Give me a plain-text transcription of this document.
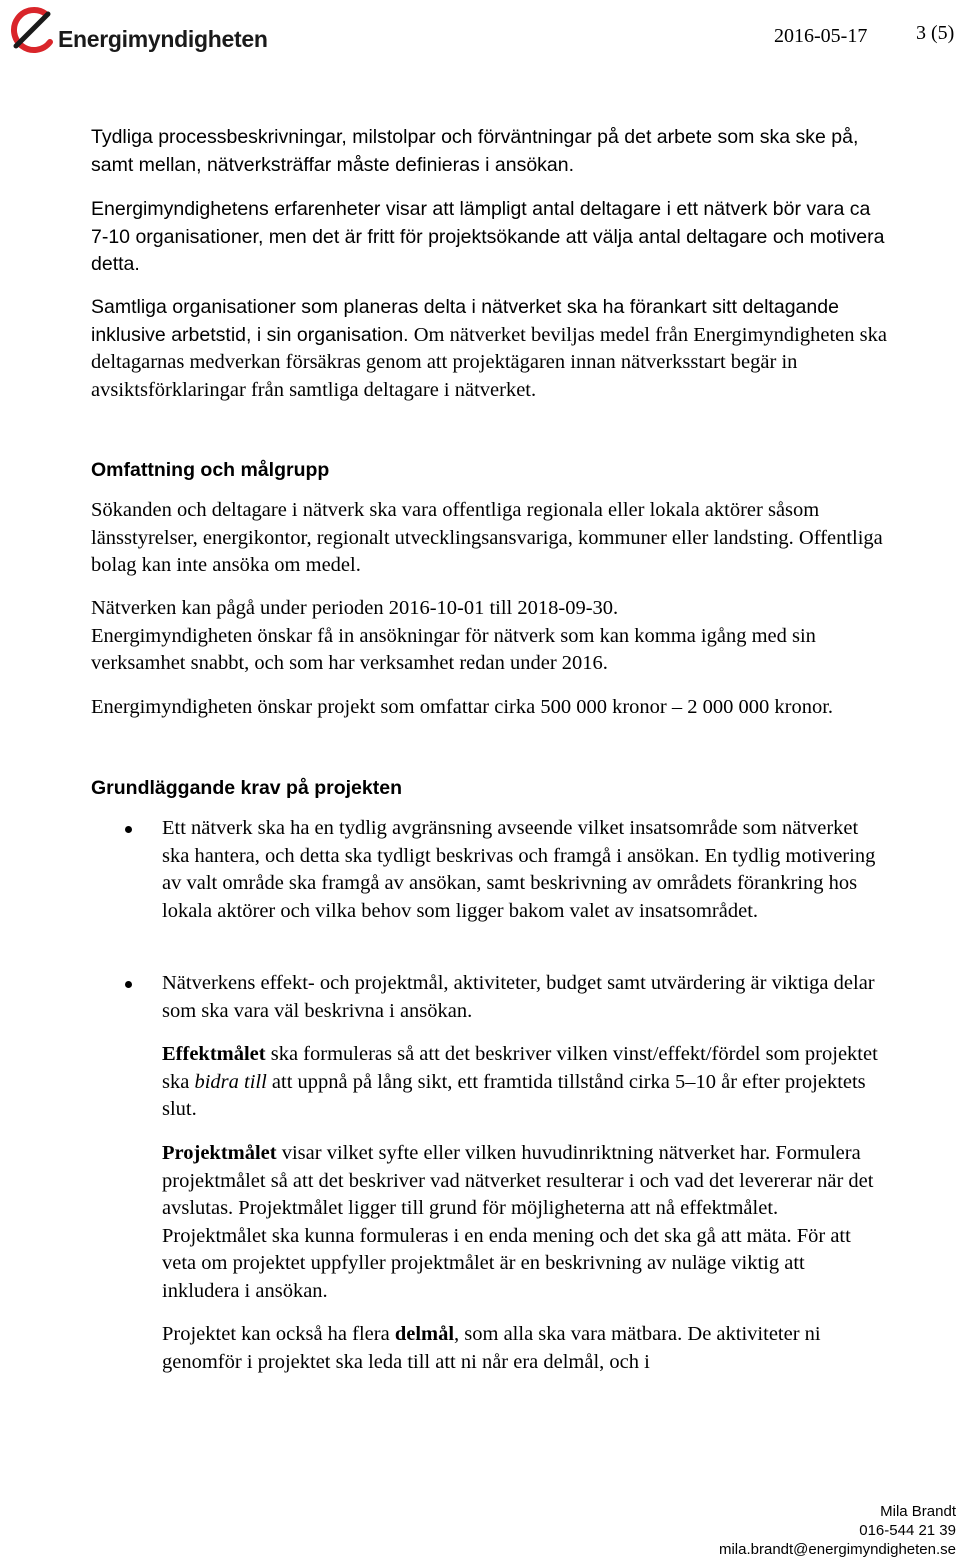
Energimyndigheten	2016-05-17 3 (5)

Tydliga processbeskrivningar, milstolpar och förväntningar på det arbete som ska ske på, samt mellan, nätverksträffar måste definieras i ansökan.

Energimyndighetens erfarenheter visar att lämpligt antal deltagare i ett nätverk bör vara ca 7-10 organisationer, men det är fritt för projektsökande att välja antal deltagare och motivera detta.

Samtliga organisationer som planeras delta i nätverket ska ha förankart sitt deltagande inklusive arbetstid, i sin organisation. Om nätverket beviljas medel från Energimyndigheten ska deltagarnas medverkan försäkras genom att projektägaren innan nätverksstart begär in avsiktsförklaringar från samtliga deltagare i nätverket.

Omfattning och målgrupp

Sökanden och deltagare i nätverk ska vara offentliga regionala eller lokala aktörer såsom länsstyrelser, energikontor, regionalt utvecklingsansvariga, kommuner eller landsting. Offentliga bolag kan inte ansöka om medel.

Nätverken kan pågå under perioden 2016-10-01 till 2018-09-30.

Energimyndigheten önskar få in ansökningar för nätverk som kan komma igång med sin verksamhet snabbt, och som har verksamhet redan under 2016.

Energimyndigheten önskar projekt som omfattar cirka 500 000 kronor – 2 000 000 kronor.

Grundläggande krav på projekten

Ett nätverk ska ha en tydlig avgränsning avseende vilket insatsområde som nätverket ska hantera, och detta ska tydligt beskrivas och framgå i ansökan. En tydlig motivering av valt område ska framgå av ansökan, samt beskrivning av områdets förankring hos lokala aktörer och vilka behov som ligger bakom valet av insatsområdet.

Nätverkens effekt- och projektmål, aktiviteter, budget samt utvärdering är viktiga delar som ska vara väl beskrivna i ansökan.

Effektmålet ska formuleras så att det beskriver vilken vinst/effekt/fördel som projektet ska bidra till att uppnå på lång sikt, ett framtida tillstånd cirka 5–10 år efter projektets slut.

Projektmålet visar vilket syfte eller vilken huvudinriktning nätverket har. Formulera projektmålet så att det beskriver vad nätverket resulterar i och vad det levererar när det avslutas. Projektmålet ligger till grund för möjligheterna att nå effektmålet. Projektmålet ska kunna formuleras i en enda mening och det ska gå att mäta. För att veta om projektet uppfyller projektmålet är en beskrivning av nuläge viktig att inkludera i ansökan.

Projektet kan också ha flera delmål, som alla ska vara mätbara. De aktiviteter ni genomför i projektet ska leda till att ni når era delmål, och i

Mila Brandt
016-544 21 39
mila.brandt@energimyndigheten.se
